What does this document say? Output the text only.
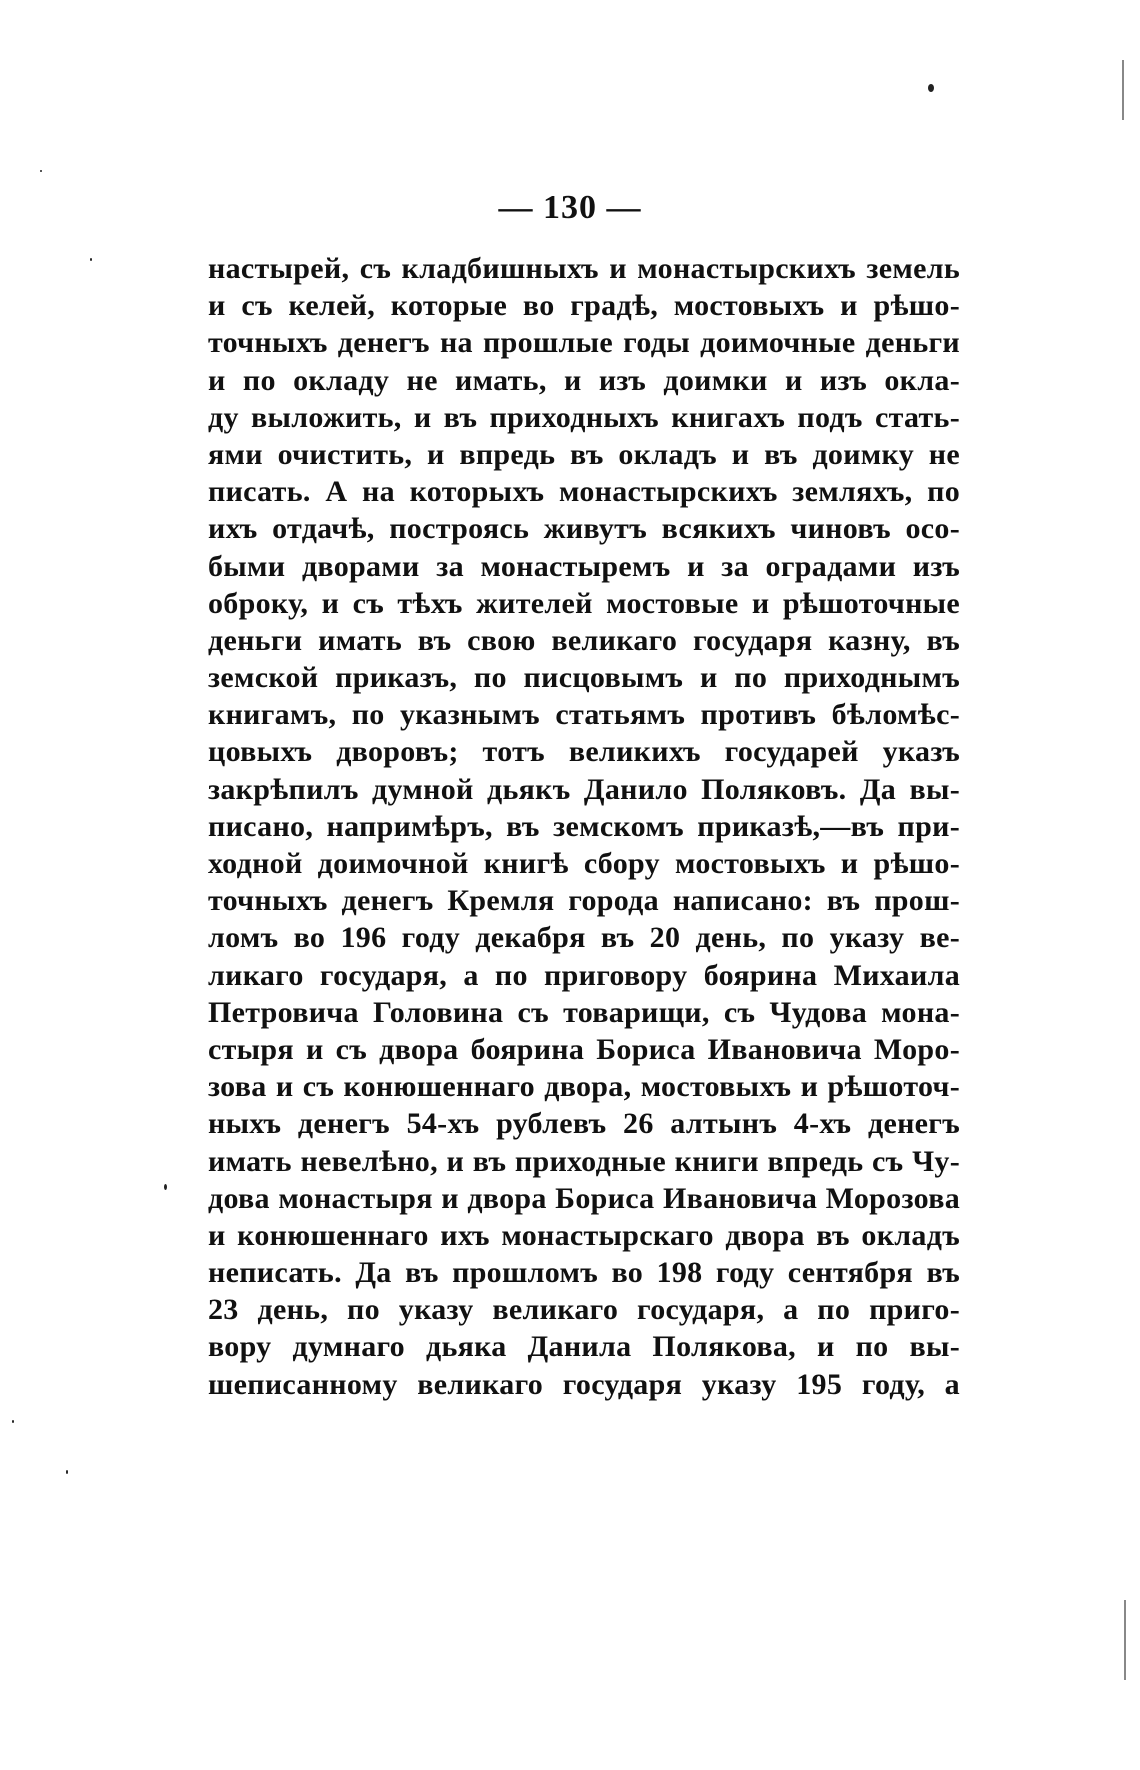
— 130 —
настырей, съ кладбишныхъ и монастырскихъ земель
и съ келей, которые во градѣ, мостовыхъ и рѣшо-
точныхъ денегъ на прошлые годы доимочные деньги
и по окладу не имать, и изъ доимки и изъ окла-
ду выложить, и въ приходныхъ книгахъ подъ стать-
ями очистить, и впредь въ окладъ и въ доимку не
писать. А на которыхъ монастырскихъ земляхъ, по
ихъ отдачѣ, построясь живутъ всякихъ чиновъ осо-
быми дворами за монастыремъ и за оградами изъ
оброку, и съ тѣхъ жителей мостовые и рѣшоточные
деньги имать въ свою великаго государя казну, въ
земской приказъ, по писцовымъ и по приходнымъ
книгамъ, по указнымъ статьямъ противъ бѣломѣс-
цовыхъ дворовъ; тотъ великихъ государей указъ
закрѣпилъ думной дьякъ Данило Поляковъ. Да вы-
писано, напримѣръ, въ земскомъ приказѣ,—въ при-
ходной доимочной книгѣ сбору мостовыхъ и рѣшо-
точныхъ денегъ Кремля города написано: въ прош-
ломъ во 196 году декабря въ 20 день, по указу ве-
ликаго государя, а по приговору боярина Михаила
Петровича Головина съ товарищи, съ Чудова мона-
стыря и съ двора боярина Бориса Ивановича Моро-
зова и съ конюшеннаго двора, мостовыхъ и рѣшоточ-
ныхъ денегъ 54-хъ рублевъ 26 алтынъ 4-хъ денегъ
имать невелѣно, и въ приходные книги впредь съ Чу-
дова монастыря и двора Бориса Ивановича Морозова
и конюшеннаго ихъ монастырскаго двора въ окладъ
неписать. Да въ прошломъ во 198 году сентября въ
23 день, по указу великаго государя, а по приго-
вору думнаго дьяка Данила Полякова, и по вы-
шеписанному великаго государя указу 195 году, а
